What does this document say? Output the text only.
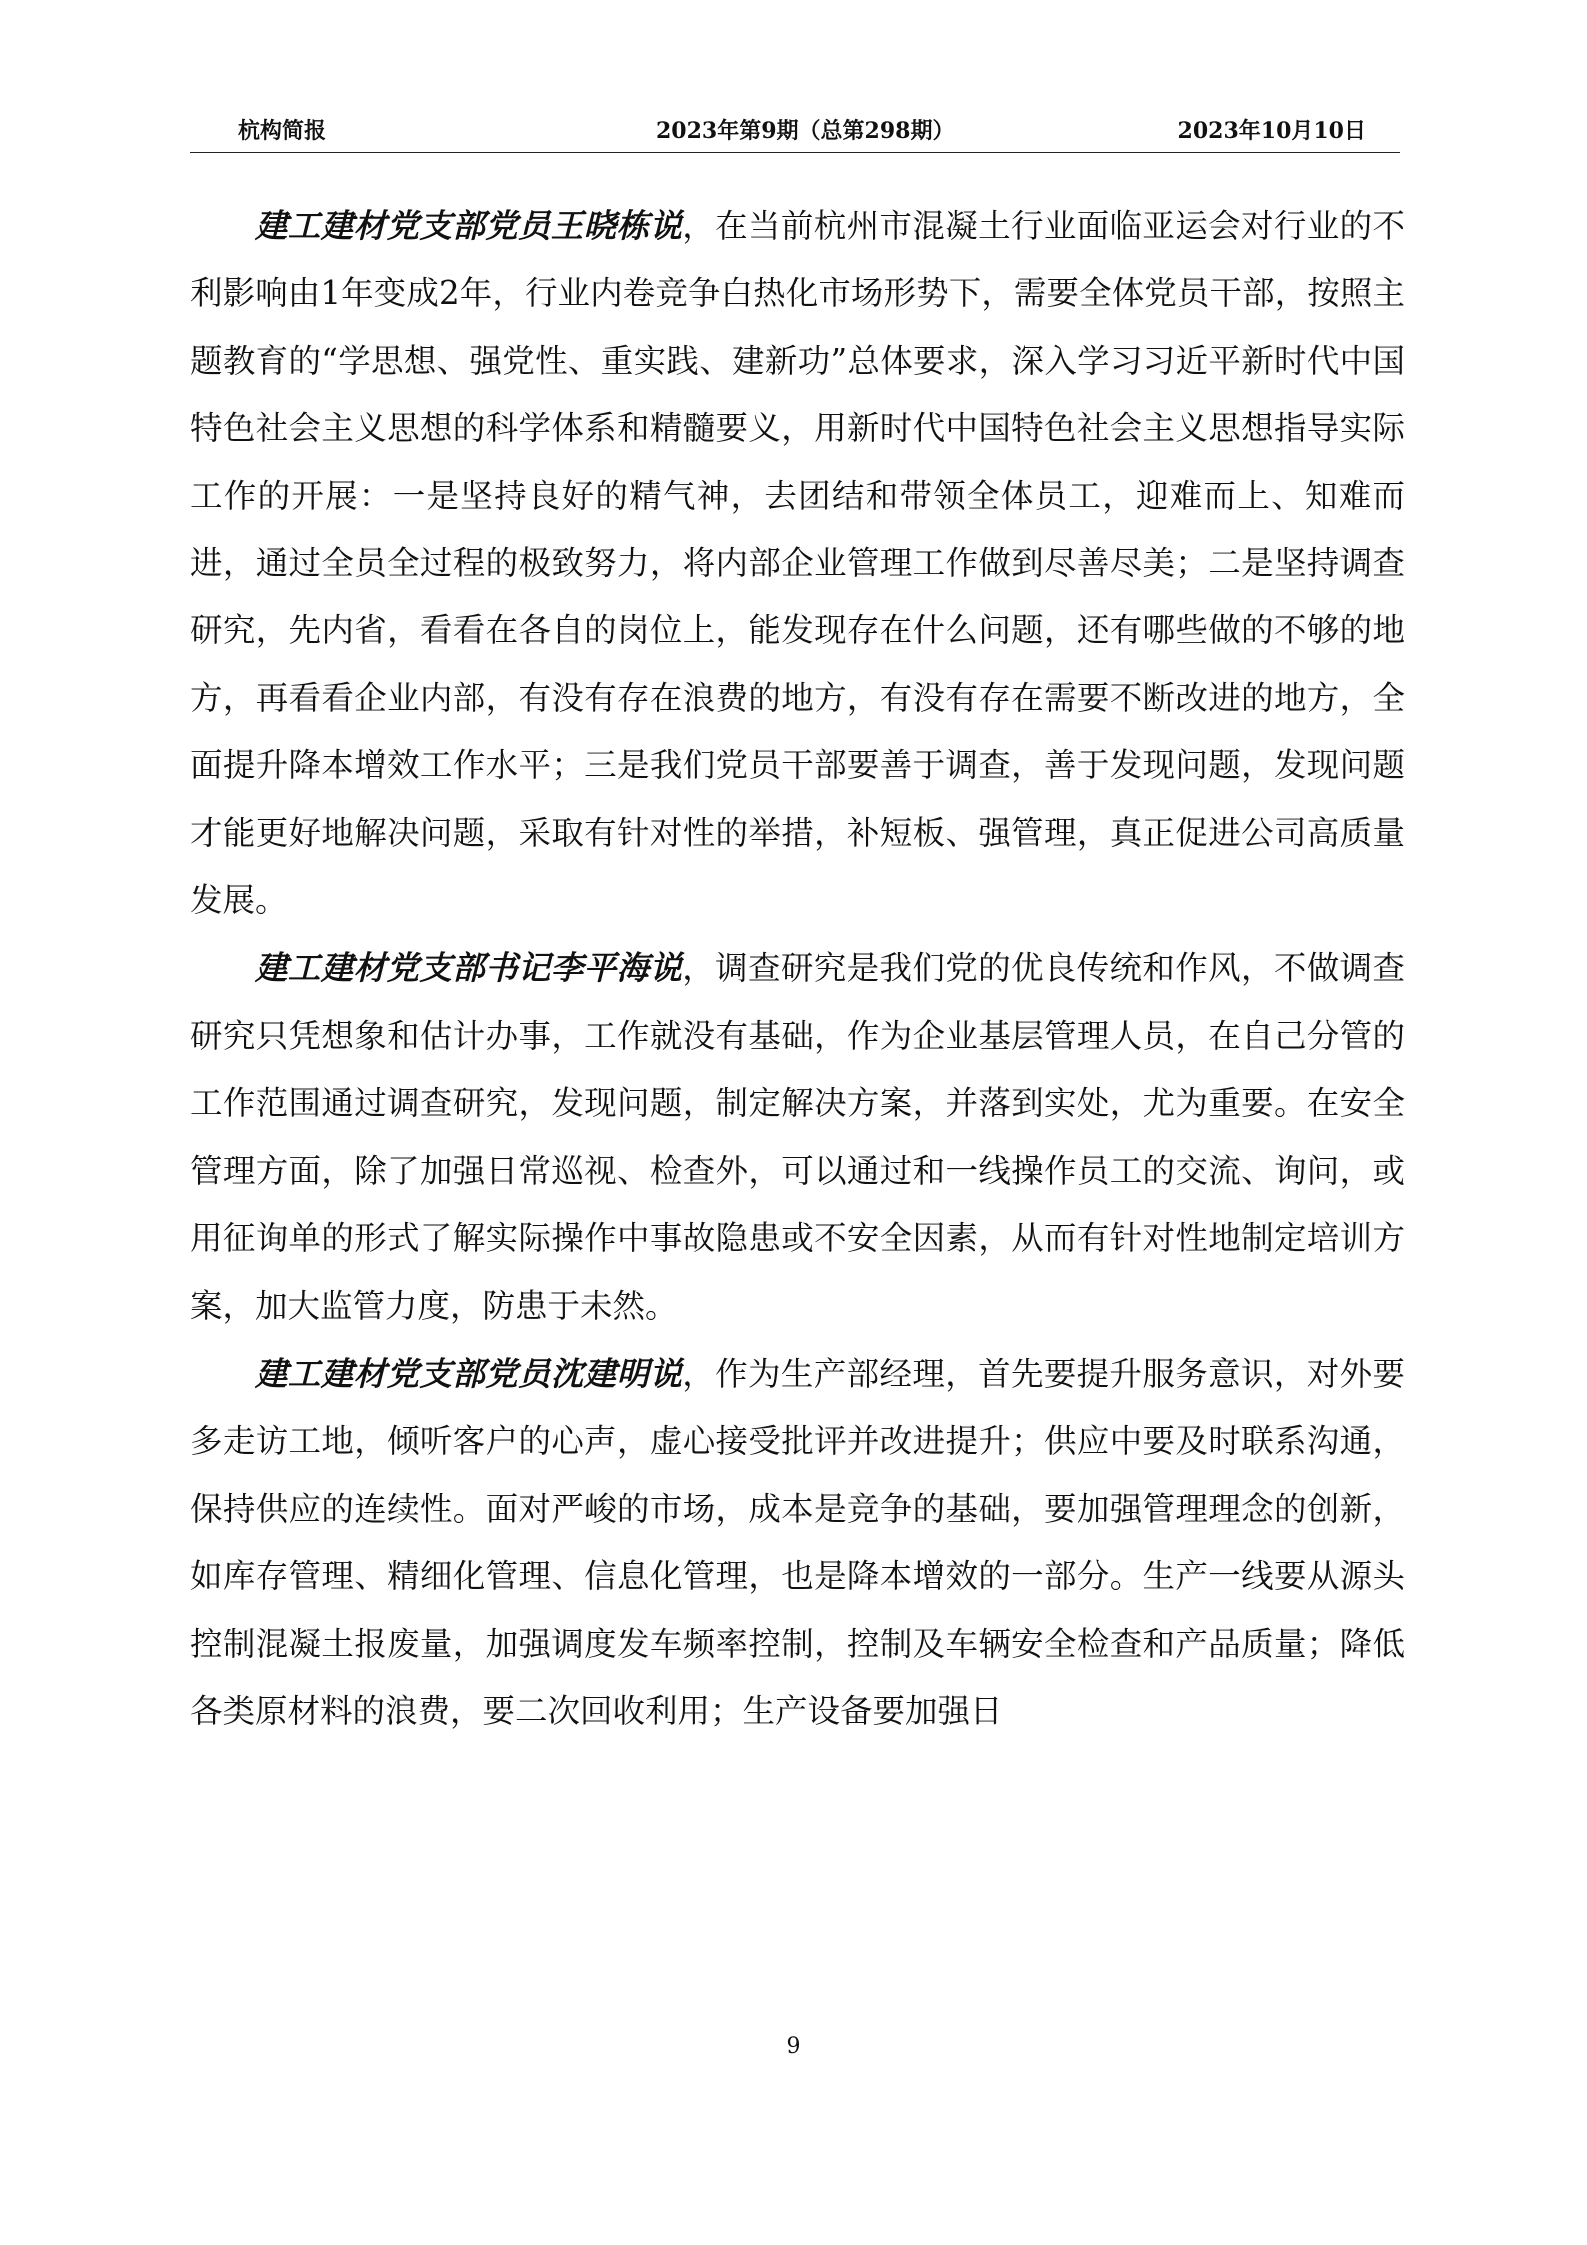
杭构简报	2023年第9期（总第298期）	2023年10月10日

建工建材党支部党员王晓栋说，在当前杭州市混凝土行业面临亚运会对行业的不利影响由1年变成2年，行业内卷竞争白热化市场形势下，需要全体党员干部，按照主题教育的“学思想、强党性、重实践、建新功”总体要求，深入学习习近平新时代中国特色社会主义思想的科学体系和精髓要义，用新时代中国特色社会主义思想指导实际工作的开展：一是坚持良好的精气神，去团结和带领全体员工，迎难而上、知难而进，通过全员全过程的极致努力，将内部企业管理工作做到尽善尽美；二是坚持调查研究，先内省，看看在各自的岗位上，能发现存在什么问题，还有哪些做的不够的地方，再看看企业内部，有没有存在浪费的地方，有没有存在需要不断改进的地方，全面提升降本增效工作水平；三是我们党员干部要善于调查，善于发现问题，发现问题才能更好地解决问题，采取有针对性的举措，补短板、强管理，真正促进公司高质量发展。

建工建材党支部书记李平海说，调查研究是我们党的优良传统和作风，不做调查研究只凭想象和估计办事，工作就没有基础，作为企业基层管理人员，在自己分管的工作范围通过调查研究，发现问题，制定解决方案，并落到实处，尤为重要。在安全管理方面，除了加强日常巡视、检查外，可以通过和一线操作员工的交流、询问，或用征询单的形式了解实际操作中事故隐患或不安全因素，从而有针对性地制定培训方案，加大监管力度，防患于未然。

建工建材党支部党员沈建明说，作为生产部经理，首先要提升服务意识，对外要多走访工地，倾听客户的心声，虚心接受批评并改进提升；供应中要及时联系沟通，保持供应的连续性。面对严峻的市场，成本是竞争的基础，要加强管理理念的创新，如库存管理、精细化管理、信息化管理，也是降本增效的一部分。生产一线要从源头控制混凝土报废量，加强调度发车频率控制，控制及车辆安全检查和产品质量；降低各类原材料的浪费，要二次回收利用；生产设备要加强日

9
